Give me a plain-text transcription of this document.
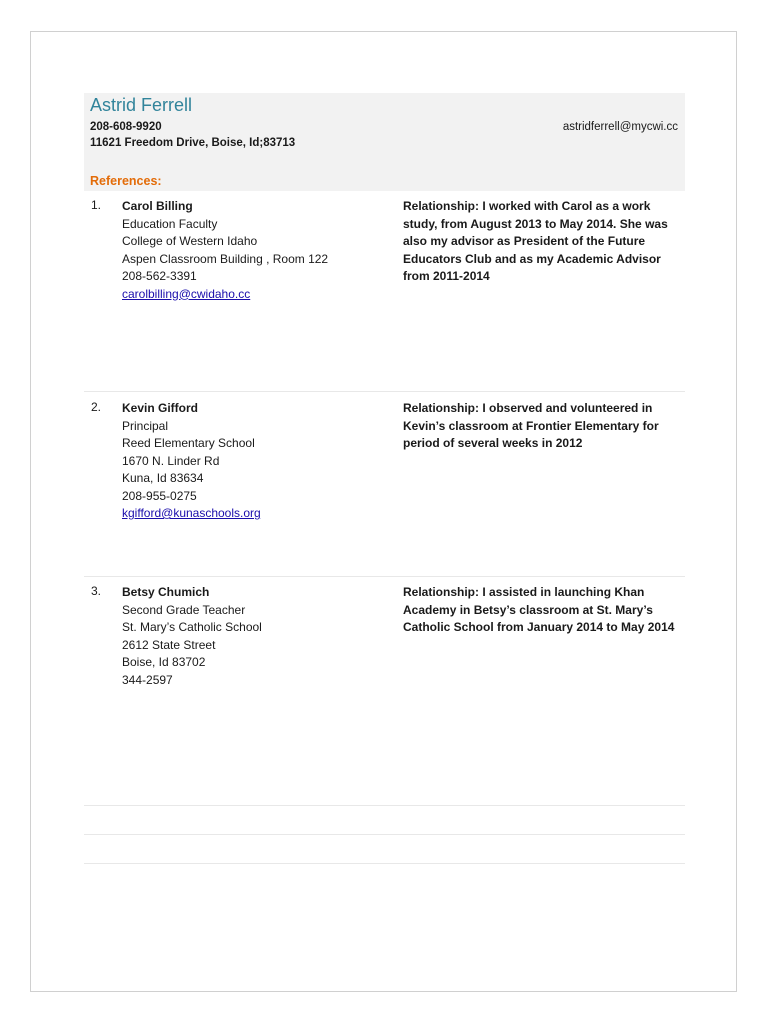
Astrid Ferrell
208-608-9920
11621 Freedom Drive, Boise, Id;83713
astridferrell@mycwi.cc
References:
1. Carol Billing
Education Faculty
College of Western Idaho
Aspen Classroom Building , Room 122
208-562-3391
carolbilling@cwidaho.cc
Relationship: I worked with Carol as a work study, from August 2013 to May 2014. She was also my advisor as President of the Future Educators Club and as my Academic Advisor from 2011-2014
2. Kevin Gifford
Principal
Reed Elementary School
1670 N. Linder Rd
Kuna, Id 83634
208-955-0275
kgifford@kunaschools.org
Relationship: I observed and volunteered in Kevin’s classroom at Frontier Elementary for period of several weeks in 2012
3. Betsy Chumich
Second Grade Teacher
St. Mary’s Catholic School
2612 State Street
Boise, Id 83702
344-2597
Relationship: I assisted in launching Khan Academy in Betsy’s classroom at St. Mary’s Catholic School from January 2014 to May 2014
